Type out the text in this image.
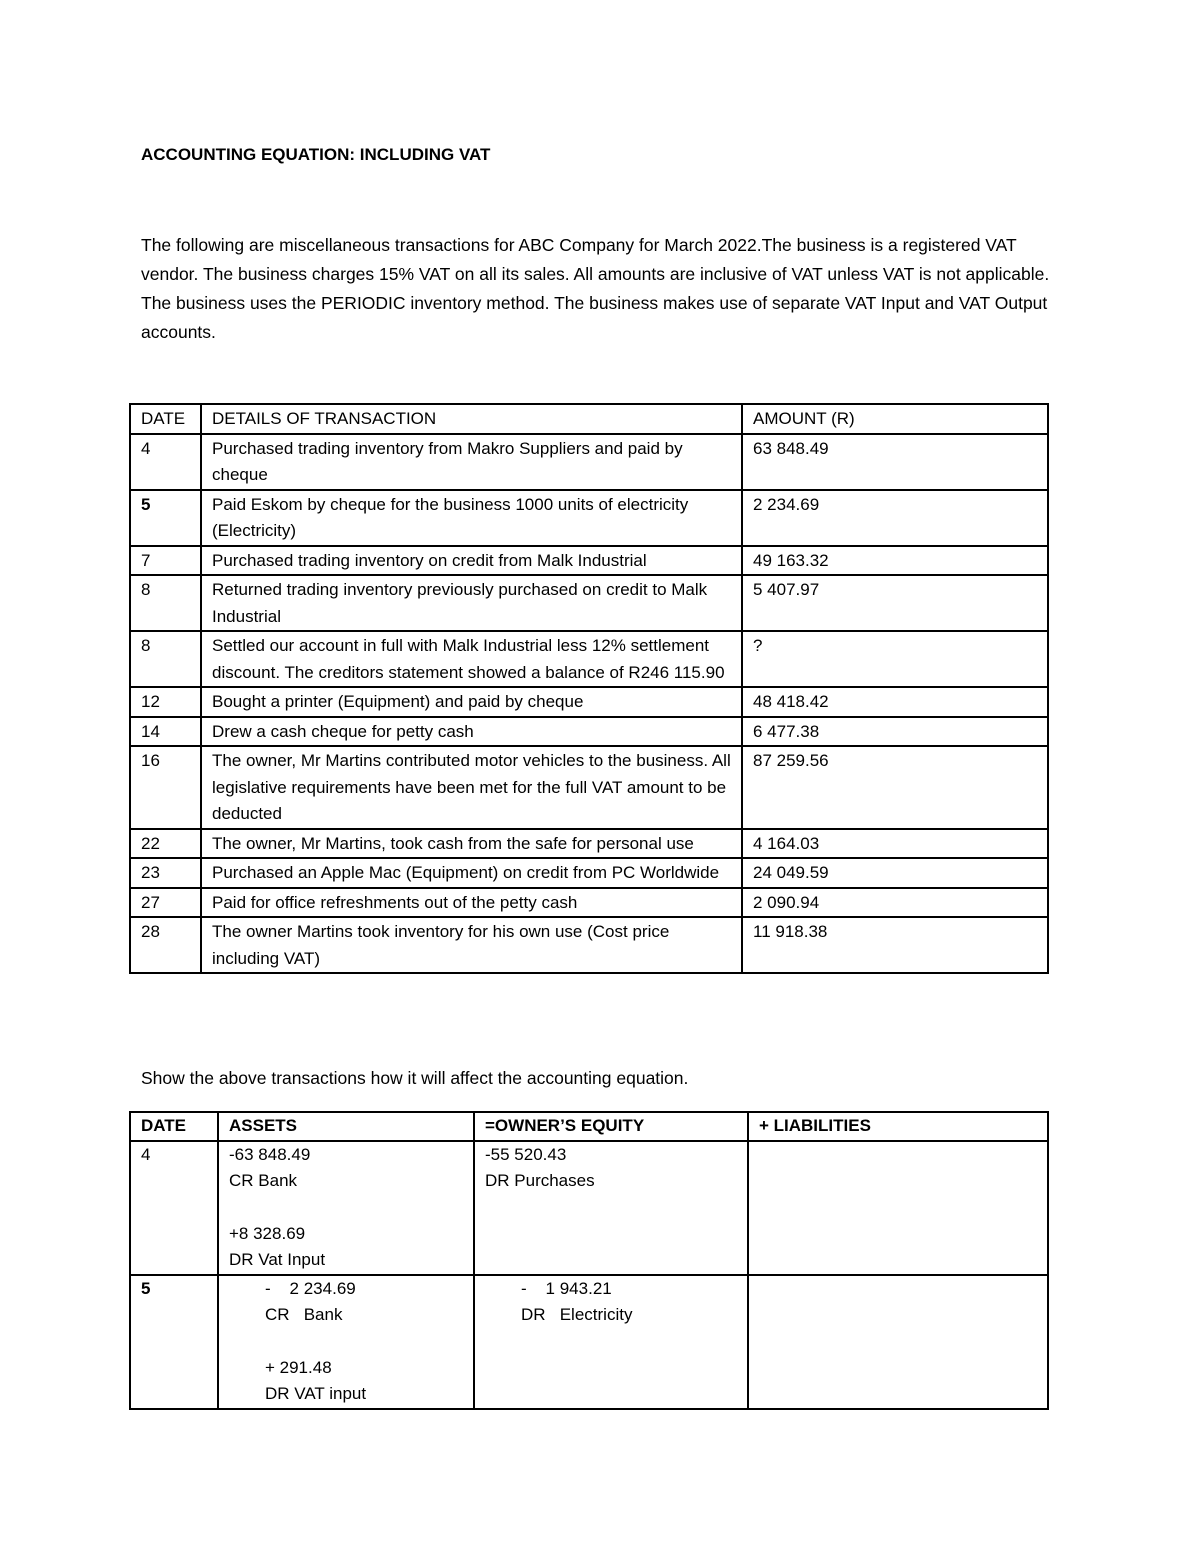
ACCOUNTING EQUATION: INCLUDING VAT
The following are miscellaneous transactions for ABC Company for March 2022.The business is a registered VAT vendor. The business charges 15% VAT on all its sales. All amounts are inclusive of VAT unless VAT is not applicable. The business uses the PERIODIC inventory method. The business makes use of separate VAT Input and VAT Output accounts.
DATE	DETAILS OF TRANSACTION	AMOUNT (R)
4	Purchased trading inventory from Makro Suppliers and paid by cheque	63 848.49
5	Paid Eskom by cheque for the business 1000 units of electricity (Electricity)	2 234.69
7	Purchased trading inventory on credit from Malk Industrial	49 163.32
8	Returned trading inventory previously purchased on credit to Malk Industrial	5 407.97
8	Settled our account in full with Malk Industrial less 12% settlement discount. The creditors statement showed a balance of R246 115.90	?
12	Bought a printer (Equipment) and paid by cheque	48 418.42
14	Drew a cash cheque for petty cash	6 477.38
16	The owner, Mr Martins contributed motor vehicles to the business. All legislative requirements have been met for the full VAT amount to be deducted	87 259.56
22	The owner, Mr Martins, took cash from the safe for personal use	4 164.03
23	Purchased an Apple Mac (Equipment) on credit from PC Worldwide	24 049.59
27	Paid for office refreshments out of the petty cash	2 090.94
28	The owner Martins took inventory for his own use (Cost price including VAT)	11 918.38
Show the above transactions how it will affect the accounting equation.
DATE	ASSETS	=OWNER’S EQUITY	+ LIABILITIES
4	-63 848.49
CR Bank
+8 328.69
DR Vat Input	-55 520.43
DR Purchases	

5	-    2 234.69
CR   Bank
+ 291.48
DR VAT input	-    1 943.21
DR   Electricity	
